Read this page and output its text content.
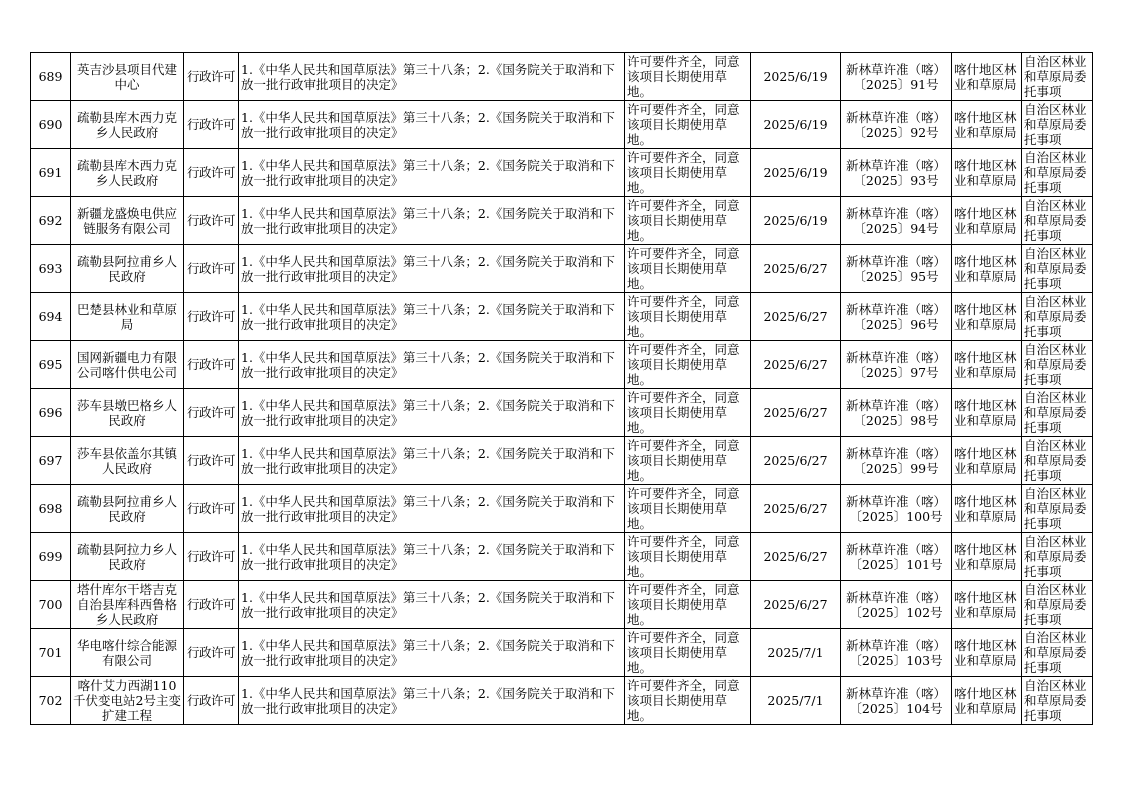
689	英吉沙县项目代建中心	行政许可	1.《中华人民共和国草原法》第三十八条；2.《国务院关于取消和下放一批行政审批项目的决定》	许可要件齐全，同意该项目长期使用草地。	2025/6/19	新林草许准（喀）〔2025〕91号	喀什地区林业和草原局	自治区林业和草原局委托事项

690	疏勒县库木西力克乡人民政府	行政许可	1.《中华人民共和国草原法》第三十八条；2.《国务院关于取消和下放一批行政审批项目的决定》	许可要件齐全，同意该项目长期使用草地。	2025/6/19	新林草许准（喀）〔2025〕92号	喀什地区林业和草原局	自治区林业和草原局委托事项

691	疏勒县库木西力克乡人民政府	行政许可	1.《中华人民共和国草原法》第三十八条；2.《国务院关于取消和下放一批行政审批项目的决定》	许可要件齐全，同意该项目长期使用草地。	2025/6/19	新林草许准（喀）〔2025〕93号	喀什地区林业和草原局	自治区林业和草原局委托事项

692	新疆龙盛焕电供应链服务有限公司	行政许可	1.《中华人民共和国草原法》第三十八条；2.《国务院关于取消和下放一批行政审批项目的决定》	许可要件齐全，同意该项目长期使用草地。	2025/6/19	新林草许准（喀）〔2025〕94号	喀什地区林业和草原局	自治区林业和草原局委托事项

693	疏勒县阿拉甫乡人民政府	行政许可	1.《中华人民共和国草原法》第三十八条；2.《国务院关于取消和下放一批行政审批项目的决定》	许可要件齐全，同意该项目长期使用草地。	2025/6/27	新林草许准（喀）〔2025〕95号	喀什地区林业和草原局	自治区林业和草原局委托事项

694	巴楚县林业和草原局	行政许可	1.《中华人民共和国草原法》第三十八条；2.《国务院关于取消和下放一批行政审批项目的决定》	许可要件齐全，同意该项目长期使用草地。	2025/6/27	新林草许准（喀）〔2025〕96号	喀什地区林业和草原局	自治区林业和草原局委托事项

695	国网新疆电力有限公司喀什供电公司	行政许可	1.《中华人民共和国草原法》第三十八条；2.《国务院关于取消和下放一批行政审批项目的决定》	许可要件齐全，同意该项目长期使用草地。	2025/6/27	新林草许准（喀）〔2025〕97号	喀什地区林业和草原局	自治区林业和草原局委托事项

696	莎车县墩巴格乡人民政府	行政许可	1.《中华人民共和国草原法》第三十八条；2.《国务院关于取消和下放一批行政审批项目的决定》	许可要件齐全，同意该项目长期使用草地。	2025/6/27	新林草许准（喀）〔2025〕98号	喀什地区林业和草原局	自治区林业和草原局委托事项

697	莎车县依盖尔其镇人民政府	行政许可	1.《中华人民共和国草原法》第三十八条；2.《国务院关于取消和下放一批行政审批项目的决定》	许可要件齐全，同意该项目长期使用草地。	2025/6/27	新林草许准（喀）〔2025〕99号	喀什地区林业和草原局	自治区林业和草原局委托事项

698	疏勒县阿拉甫乡人民政府	行政许可	1.《中华人民共和国草原法》第三十八条；2.《国务院关于取消和下放一批行政审批项目的决定》	许可要件齐全，同意该项目长期使用草地。	2025/6/27	新林草许准（喀）〔2025〕100号	喀什地区林业和草原局	自治区林业和草原局委托事项

699	疏勒县阿拉力乡人民政府	行政许可	1.《中华人民共和国草原法》第三十八条；2.《国务院关于取消和下放一批行政审批项目的决定》	许可要件齐全，同意该项目长期使用草地。	2025/6/27	新林草许准（喀）〔2025〕101号	喀什地区林业和草原局	自治区林业和草原局委托事项

700	塔什库尔干塔吉克自治县库科西鲁格乡人民政府	行政许可	1.《中华人民共和国草原法》第三十八条；2.《国务院关于取消和下放一批行政审批项目的决定》	许可要件齐全，同意该项目长期使用草地。	2025/6/27	新林草许准（喀）〔2025〕102号	喀什地区林业和草原局	自治区林业和草原局委托事项

701	华电喀什综合能源有限公司	行政许可	1.《中华人民共和国草原法》第三十八条；2.《国务院关于取消和下放一批行政审批项目的决定》	许可要件齐全，同意该项目长期使用草地。	2025/7/1	新林草许准（喀）〔2025〕103号	喀什地区林业和草原局	自治区林业和草原局委托事项

702	喀什艾力西湖110千伏变电站2号主变扩建工程	行政许可	1.《中华人民共和国草原法》第三十八条；2.《国务院关于取消和下放一批行政审批项目的决定》	许可要件齐全，同意该项目长期使用草地。	2025/7/1	新林草许准（喀）〔2025〕104号	喀什地区林业和草原局	自治区林业和草原局委托事项
